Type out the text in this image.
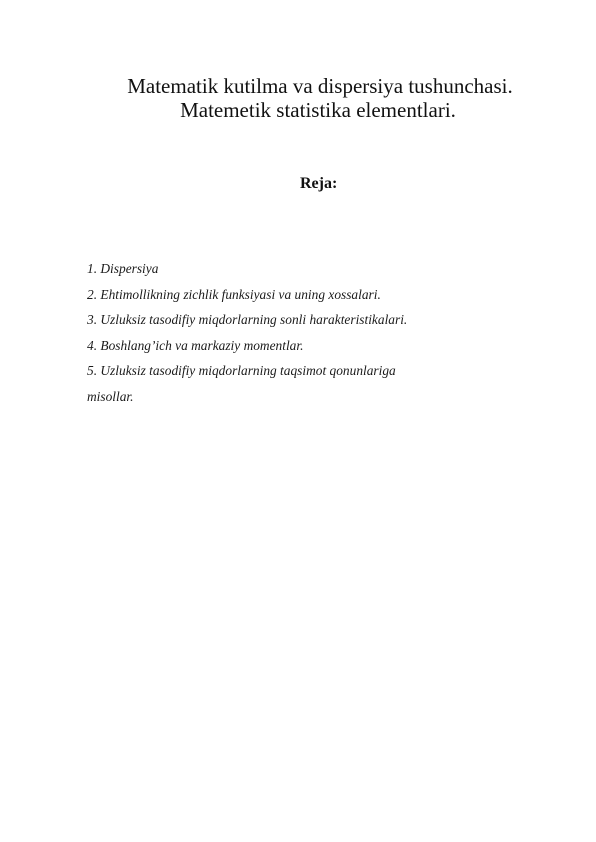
Matematik kutilma va dispersiya tushunchasi.
Matemetik statistika elementlari.
Reja:
1. Dispersiya
2. Ehtimollikning zichlik funksiyasi va uning xossalari.
3. Uzluksiz tasodifiy miqdorlarning sonli harakteristikalari.
4. Boshlang’ich va markaziy momentlar.
5. Uzluksiz tasodifiy miqdorlarning taqsimot qonunlariga
misollar.
